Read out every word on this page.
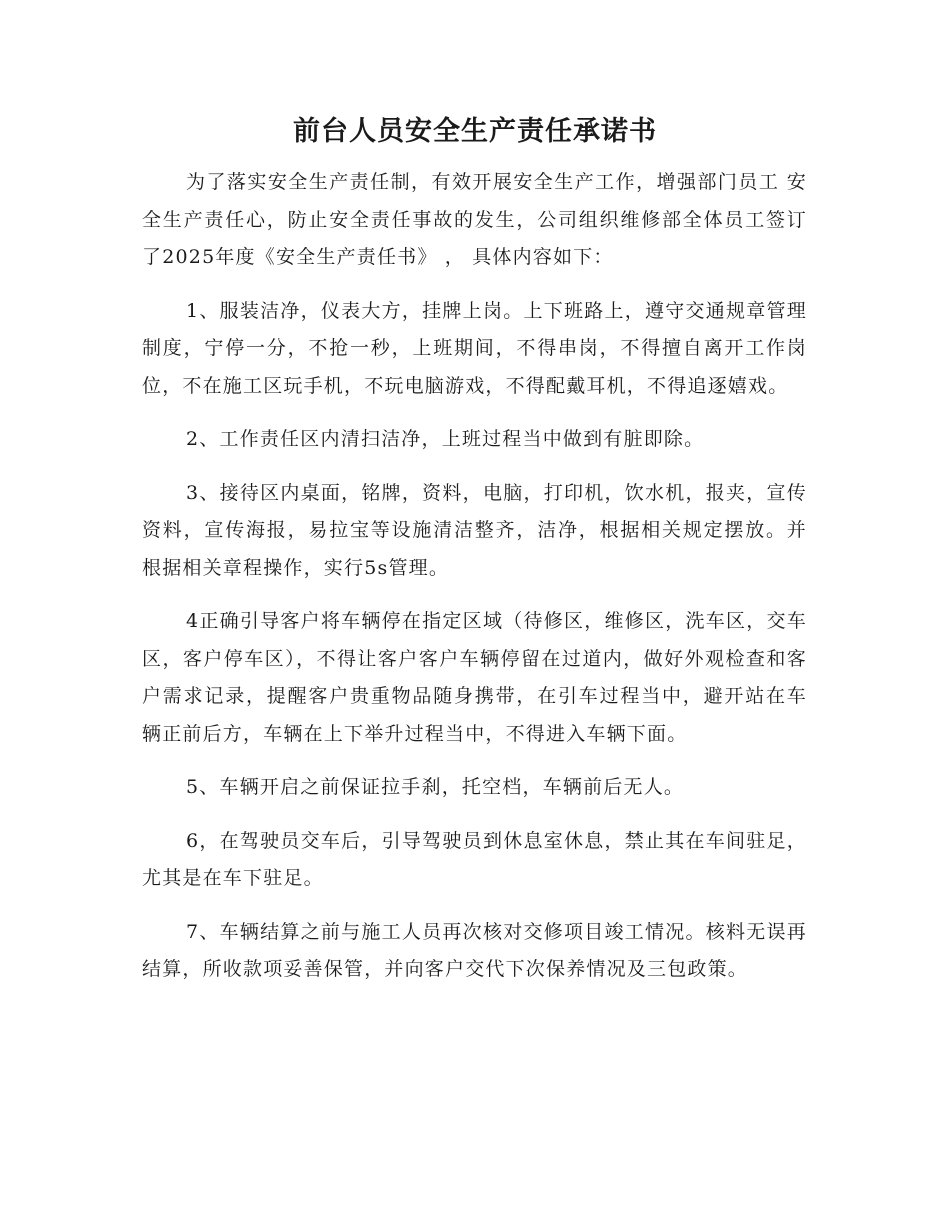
前台人员安全生产责任承诺书

为了落实安全生产责任制，有效开展安全生产工作，增强部门员工 安全生产责任心，防止安全责任事故的发生，公司组织维修部全体员工签订了2025年度《安全生产责任书》 ， 具体内容如下：

1、服装洁净，仪表大方，挂牌上岗。上下班路上，遵守交通规章管理制度，宁停一分，不抢一秒，上班期间，不得串岗，不得擅自离开工作岗位，不在施工区玩手机，不玩电脑游戏，不得配戴耳机，不得追逐嬉戏。

2、工作责任区内清扫洁净，上班过程当中做到有脏即除。

3、接待区内桌面，铭牌，资料，电脑，打印机，饮水机，报夹，宣传资料，宣传海报，易拉宝等设施清洁整齐，洁净，根据相关规定摆放。并根据相关章程操作，实行5s管理。

4正确引导客户将车辆停在指定区域（待修区，维修区，洗车区，交车区，客户停车区），不得让客户客户车辆停留在过道内，做好外观检查和客户需求记录，提醒客户贵重物品随身携带，在引车过程当中，避开站在车辆正前后方，车辆在上下举升过程当中，不得进入车辆下面。

5、车辆开启之前保证拉手刹，托空档，车辆前后无人。

6，在驾驶员交车后，引导驾驶员到休息室休息，禁止其在车间驻足，尤其是在车下驻足。

7、车辆结算之前与施工人员再次核对交修项目竣工情况。核料无误再结算，所收款项妥善保管，并向客户交代下次保养情况及三包政策。
